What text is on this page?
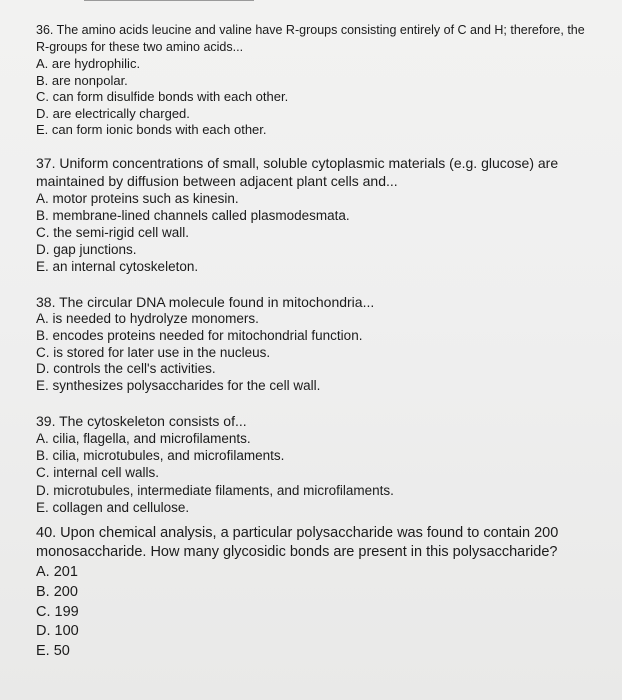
36. The amino acids leucine and valine have R-groups consisting entirely of C and H; therefore, the R-groups for these two amino acids...

A. are hydrophilic.
B. are nonpolar.
C. can form disulfide bonds with each other.
D. are electrically charged.
E. can form ionic bonds with each other.

37. Uniform concentrations of small, soluble cytoplasmic materials (e.g. glucose) are maintained by diffusion between adjacent plant cells and...

A. motor proteins such as kinesin.
B. membrane-lined channels called plasmodesmata.
C. the semi-rigid cell wall.
D. gap junctions.
E. an internal cytoskeleton.

38. The circular DNA molecule found in mitochondria...

A. is needed to hydrolyze monomers.
B. encodes proteins needed for mitochondrial function.
C. is stored for later use in the nucleus.
D. controls the cell's activities.
E. synthesizes polysaccharides for the cell wall.

39. The cytoskeleton consists of...

A. cilia, flagella, and microfilaments.
B. cilia, microtubules, and microfilaments.
C. internal cell walls.
D. microtubules, intermediate filaments, and microfilaments.
E. collagen and cellulose.

40. Upon chemical analysis, a particular polysaccharide was found to contain 200 monosaccharide. How many glycosidic bonds are present in this polysaccharide?

A. 201
B. 200
C. 199
D. 100
E. 50
